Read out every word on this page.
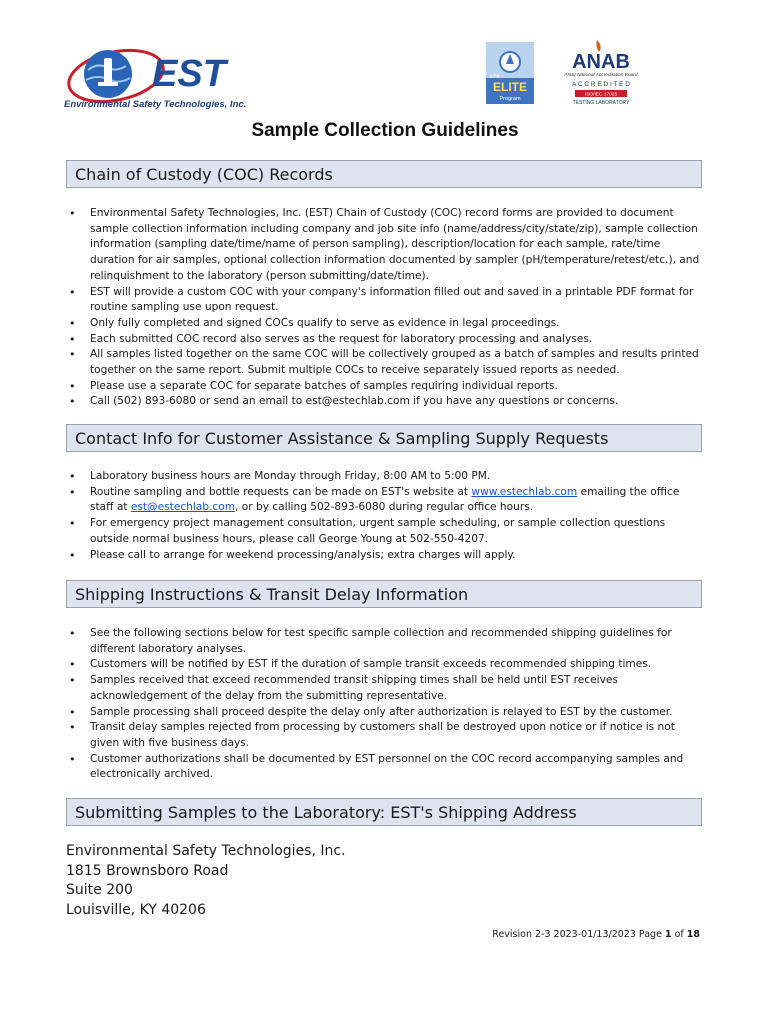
EST
Environmental Safety Technologies, Inc.
EPA
ELITE
Program
ANAB
ANSI National Accreditation Board
A C C R E D I T E D
ISO/IEC 17025
TESTING LABORATORY
Sample Collection Guidelines
Chain of Custody (COC) Records
• Environmental Safety Technologies, Inc. (EST) Chain of Custody (COC) record forms are provided to document sample collection information including company and job site info (name/address/city/state/zip), sample collection information (sampling date/time/name of person sampling), description/location for each sample, rate/time duration for air samples, optional collection information documented by sampler (pH/temperature/retest/etc.), and relinquishment to the laboratory (person submitting/date/time).
• EST will provide a custom COC with your company's information filled out and saved in a printable PDF format for routine sampling use upon request.
• Only fully completed and signed COCs qualify to serve as evidence in legal proceedings.
• Each submitted COC record also serves as the request for laboratory processing and analyses.
• All samples listed together on the same COC will be collectively grouped as a batch of samples and results printed together on the same report. Submit multiple COCs to receive separately issued reports as needed.
• Please use a separate COC for separate batches of samples requiring individual reports.
• Call (502) 893-6080 or send an email to est@estechlab.com if you have any questions or concerns.
Contact Info for Customer Assistance & Sampling Supply Requests
• Laboratory business hours are Monday through Friday, 8:00 AM to 5:00 PM.
• Routine sampling and bottle requests can be made on EST's website at www.estechlab.com emailing the office staff at est@estechlab.com, or by calling 502-893-6080 during regular office hours.
• For emergency project management consultation, urgent sample scheduling, or sample collection questions outside normal business hours, please call George Young at 502-550-4207.
• Please call to arrange for weekend processing/analysis; extra charges will apply.
Shipping Instructions & Transit Delay Information
• See the following sections below for test specific sample collection and recommended shipping guidelines for different laboratory analyses.
• Customers will be notified by EST if the duration of sample transit exceeds recommended shipping times.
• Samples received that exceed recommended transit shipping times shall be held until EST receives acknowledgement of the delay from the submitting representative.
• Sample processing shall proceed despite the delay only after authorization is relayed to EST by the customer.
• Transit delay samples rejected from processing by customers shall be destroyed upon notice or if notice is not given with five business days.
• Customer authorizations shall be documented by EST personnel on the COC record accompanying samples and electronically archived.
Submitting Samples to the Laboratory: EST's Shipping Address
Environmental Safety Technologies, Inc.
1815 Brownsboro Road
Suite 200
Louisville, KY 40206
Revision 2-3 2023-01/13/2023 Page 1 of 18
